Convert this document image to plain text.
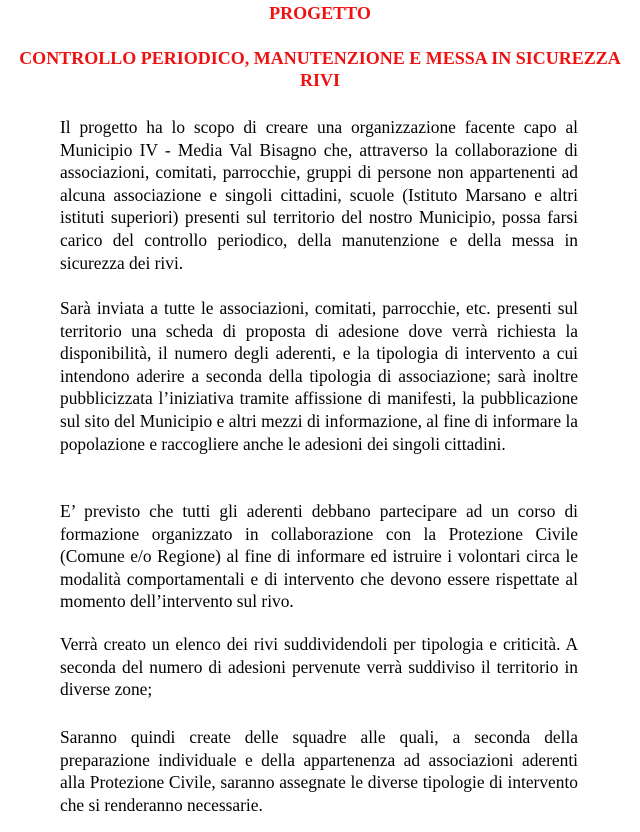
PROGETTO
CONTROLLO PERIODICO, MANUTENZIONE E MESSA IN SICUREZZA RIVI

Il progetto ha lo scopo di creare una organizzazione facente capo al Municipio IV - Media Val Bisagno che, attraverso la collaborazione di associazioni, comitati, parrocchie, gruppi di persone non appartenenti ad alcuna associazione e singoli cittadini, scuole (Istituto Marsano e altri istituti superiori) presenti sul territorio del nostro Municipio, possa farsi carico del controllo periodico, della manutenzione e della messa in sicurezza dei rivi.

Sarà inviata a tutte le associazioni, comitati, parrocchie, etc. presenti sul territorio una scheda di proposta di adesione dove verrà richiesta la disponibilità, il numero degli aderenti, e la tipologia di intervento a cui intendono aderire a seconda della tipologia di associazione; sarà inoltre pubblicizzata l’iniziativa tramite affissione di manifesti, la pubblicazione sul sito del Municipio e altri mezzi di informazione, al fine di informare la popolazione e raccogliere anche le adesioni dei singoli cittadini.

E’ previsto che tutti gli aderenti debbano partecipare ad un corso di formazione organizzato in collaborazione con la Protezione Civile (Comune e/o Regione) al fine di informare ed istruire i volontari circa le modalità comportamentali e di intervento che devono essere rispettate al momento dell’intervento sul rivo.

Verrà creato un elenco dei rivi suddividendoli per tipologia e criticità. A seconda del numero di adesioni pervenute verrà suddiviso il territorio in diverse zone;

Saranno quindi create delle squadre alle quali, a seconda della preparazione individuale e della appartenenza ad associazioni aderenti alla Protezione Civile, saranno assegnate le diverse tipologie di intervento che si renderanno necessarie.
